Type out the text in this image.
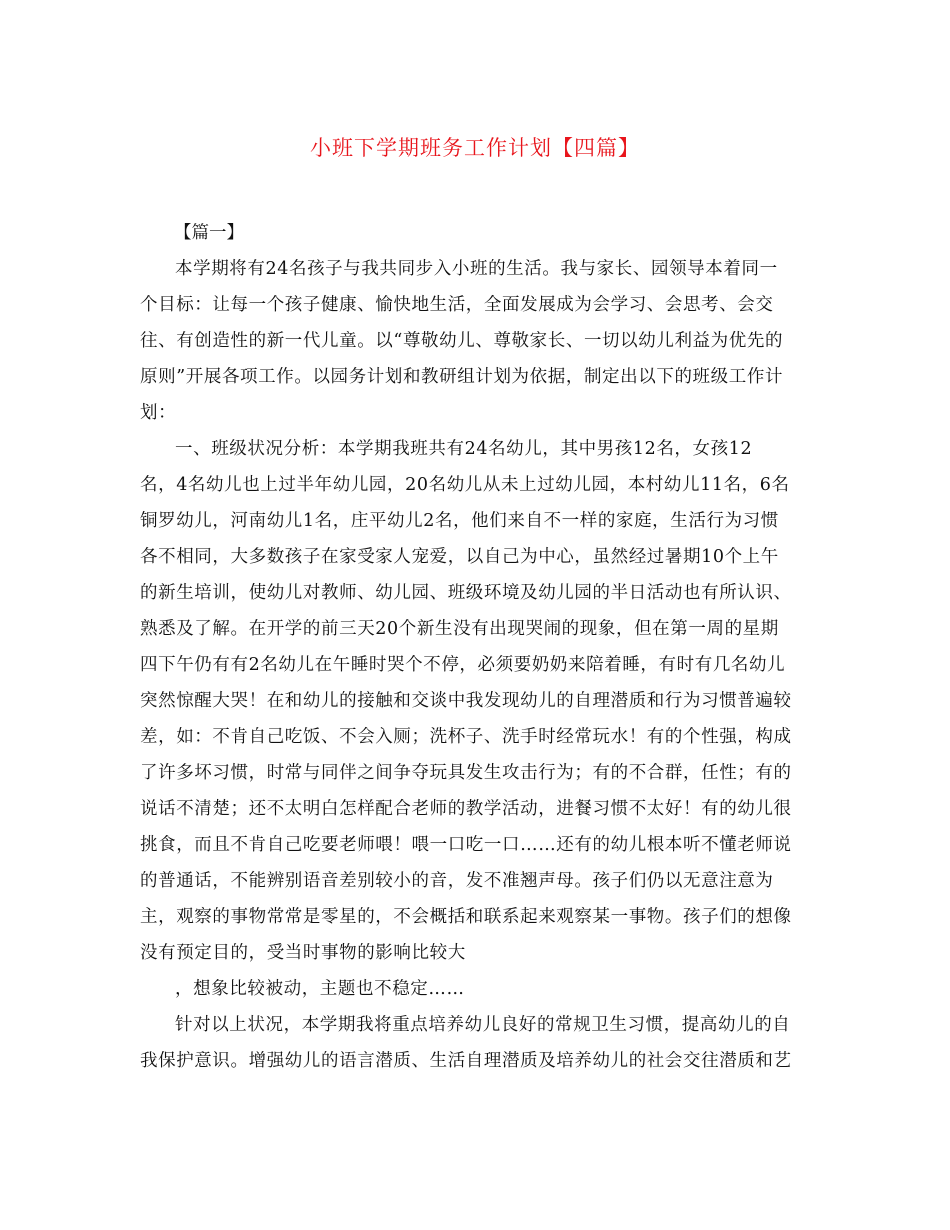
小班下学期班务工作计划【四篇】
【篇一】
本学期将有24名孩子与我共同步入小班的生活。我与家长、园领导本着同一
个目标：让每一个孩子健康、愉快地生活，全面发展成为会学习、会思考、会交
往、有创造性的新一代儿童。以“尊敬幼儿、尊敬家长、一切以幼儿利益为优先的
原则”开展各项工作。以园务计划和教研组计划为依据，制定出以下的班级工作计
划：
一、班级状况分析：本学期我班共有24名幼儿，其中男孩12名，女孩12
名，4名幼儿也上过半年幼儿园，20名幼儿从未上过幼儿园，本村幼儿11名，6名
铜罗幼儿，河南幼儿1名，庄平幼儿2名，他们来自不一样的家庭，生活行为习惯
各不相同，大多数孩子在家受家人宠爱，以自己为中心，虽然经过暑期10个上午
的新生培训，使幼儿对教师、幼儿园、班级环境及幼儿园的半日活动也有所认识、
熟悉及了解。在开学的前三天20个新生没有出现哭闹的现象，但在第一周的星期
四下午仍有有2名幼儿在午睡时哭个不停，必须要奶奶来陪着睡，有时有几名幼儿
突然惊醒大哭！在和幼儿的接触和交谈中我发现幼儿的自理潜质和行为习惯普遍较
差，如：不肯自己吃饭、不会入厕；洗杯子、洗手时经常玩水！有的个性强，构成
了许多坏习惯，时常与同伴之间争夺玩具发生攻击行为；有的不合群，任性；有的
说话不清楚；还不太明白怎样配合老师的教学活动，进餐习惯不太好！有的幼儿很
挑食，而且不肯自己吃要老师喂！喂一口吃一口……还有的幼儿根本听不懂老师说
的普通话，不能辨别语音差别较小的音，发不准翘声母。孩子们仍以无意注意为
主，观察的事物常常是零星的，不会概括和联系起来观察某一事物。孩子们的想像
没有预定目的，受当时事物的影响比较大
，想象比较被动，主题也不稳定……
针对以上状况，本学期我将重点培养幼儿良好的常规卫生习惯，提高幼儿的自
我保护意识。增强幼儿的语言潜质、生活自理潜质及培养幼儿的社会交往潜质和艺
